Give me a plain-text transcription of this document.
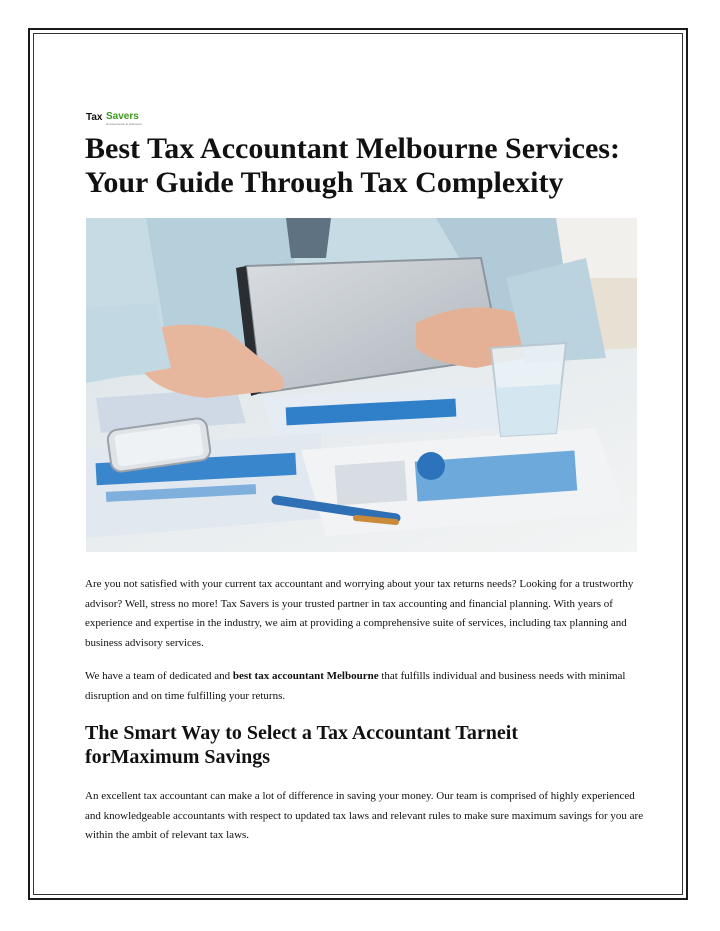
Tax Savers
Accountants & Advisors
Best Tax Accountant Melbourne Services: Your Guide Through Tax Complexity

Are you not satisfied with your current tax accountant and worrying about your tax returns needs? Looking for a trustworthy advisor? Well, stress no more! Tax Savers is your trusted partner in tax accounting and financial planning. With years of experience and expertise in the industry, we aim at providing a comprehensive suite of services, including tax planning and business advisory services.

We have a team of dedicated and best tax accountant Melbourne that fulfills individual and business needs with minimal disruption and on time fulfilling your returns.

The Smart Way to Select a Tax Accountant Tarneit forMaximum Savings

An excellent tax accountant can make a lot of difference in saving your money. Our team is comprised of highly experienced and knowledgeable accountants with respect to updated tax laws and relevant rules to make sure maximum savings for you are within the ambit of relevant tax laws.
